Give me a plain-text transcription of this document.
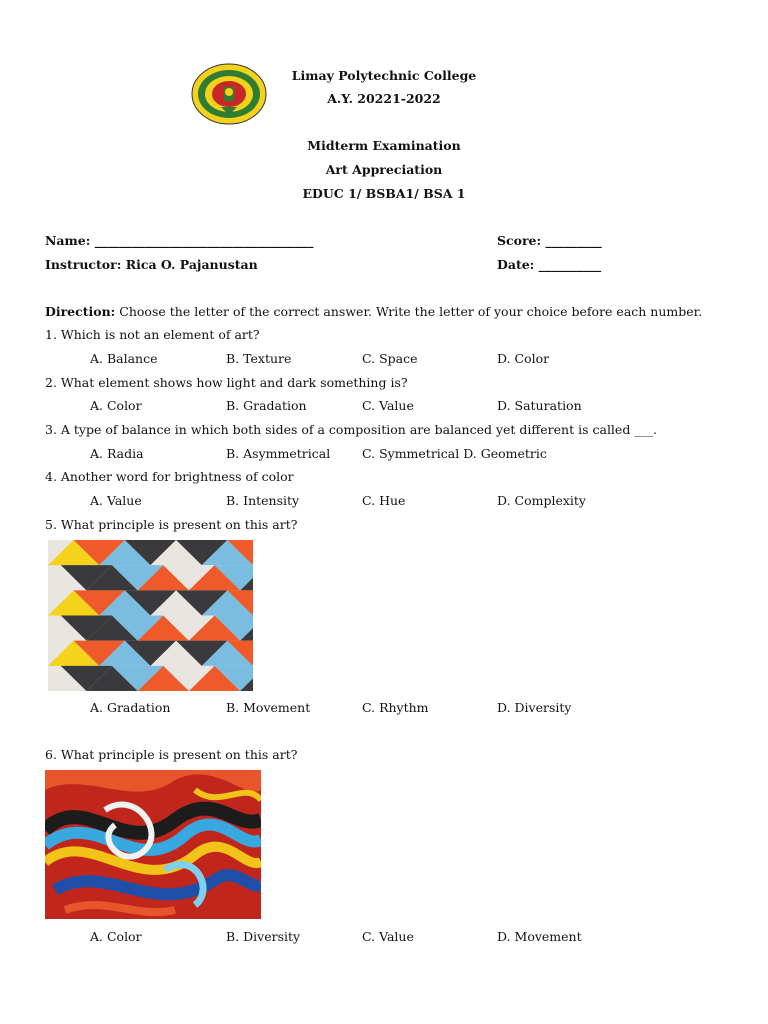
Limay Polytechnic College
A.Y. 20221-2022
Midterm Examination
Art Appreciation
EDUC 1/ BSBA1/ BSA 1
Name: ___________________________________	Score: _________
Instructor: Rica O. Pajanustan	Date: __________
Direction: Choose the letter of the correct answer. Write the letter of your choice before each number.
1. Which is not an element of art?
A. Balance	B. Texture	C. Space	D. Color
2. What element shows how light and dark something is?
A. Color	B. Gradation	C. Value	D. Saturation
3. A type of balance in which both sides of a composition are balanced yet different is called ___.
A. Radia	B. Asymmetrical	C. Symmetrical D. Geometric
4. Another word for brightness of color
A. Value	B. Intensity	C. Hue	D. Complexity
5. What principle is present on this art?
A. Gradation	B. Movement	C. Rhythm	D. Diversity
6. What principle is present on this art?
A. Color	B. Diversity	C. Value	D. Movement
